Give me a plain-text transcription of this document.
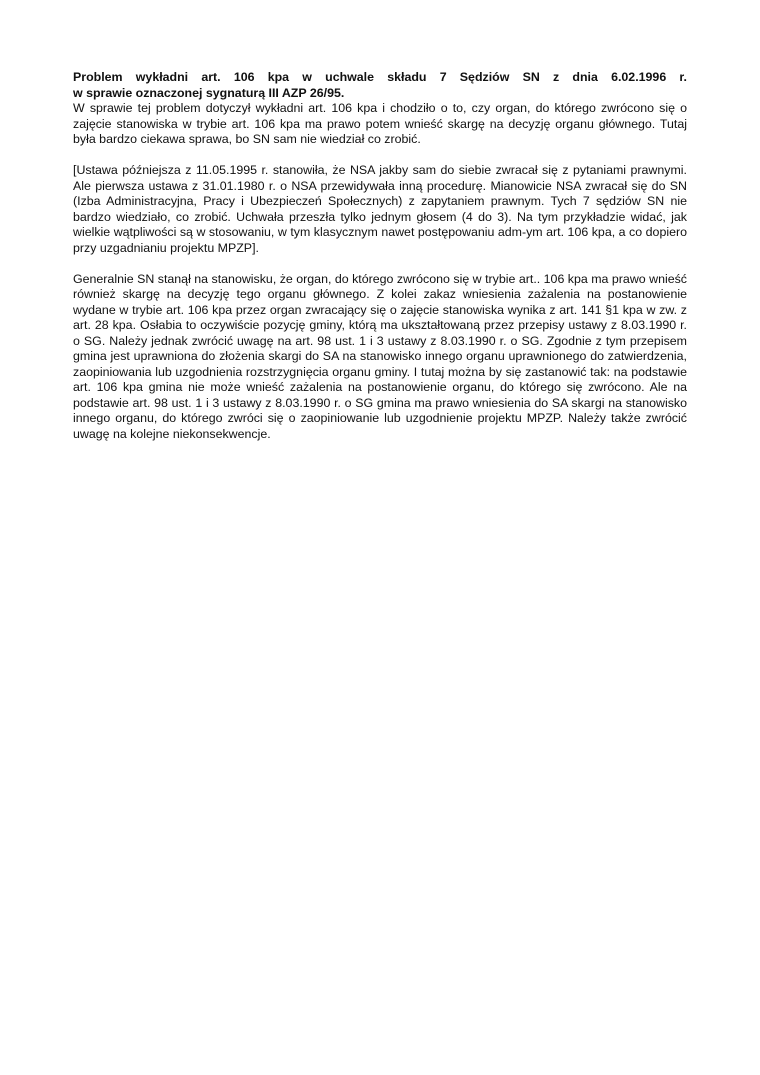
Problem wykładni art. 106 kpa w uchwale składu 7 Sędziów SN z dnia 6.02.1996 r.
w sprawie oznaczonej sygnaturą III AZP 26/95.

W sprawie tej problem dotyczył wykładni art. 106 kpa i chodziło o to, czy organ, do którego zwrócono się o zajęcie stanowiska w trybie art. 106 kpa ma prawo potem wnieść skargę na decyzję organu głównego. Tutaj była bardzo ciekawa sprawa, bo SN sam nie wiedział co zrobić.

[Ustawa późniejsza z 11.05.1995 r. stanowiła, że NSA jakby sam do siebie zwracał się z pytaniami prawnymi. Ale pierwsza ustawa z 31.01.1980 r. o NSA przewidywała inną procedurę. Mianowicie NSA zwracał się do SN (Izba Administracyjna, Pracy i Ubezpieczeń Społecznych) z zapytaniem prawnym. Tych 7 sędziów SN nie bardzo wiedziało, co zrobić. Uchwała przeszła tylko jednym głosem (4 do 3). Na tym przykładzie widać, jak wielkie wątpliwości są w stosowaniu, w tym klasycznym nawet postępowaniu adm-ym art. 106 kpa, a co dopiero przy uzgadnianiu projektu MPZP].

Generalnie SN stanął na stanowisku, że organ, do którego zwrócono się w trybie art.. 106 kpa ma prawo wnieść również skargę na decyzję tego organu głównego. Z kolei zakaz wniesienia zażalenia na postanowienie wydane w trybie art. 106 kpa przez organ zwracający się o zajęcie stanowiska wynika z art. 141 §1 kpa w zw. z art. 28 kpa. Osłabia to oczywiście pozycję gminy, którą ma ukształtowaną przez przepisy ustawy z 8.03.1990 r. o SG. Należy jednak zwrócić uwagę na art. 98 ust. 1 i 3 ustawy z 8.03.1990 r. o SG. Zgodnie z tym przepisem gmina jest uprawniona do złożenia skargi do SA na stanowisko innego organu uprawnionego do zatwierdzenia, zaopiniowania lub uzgodnienia rozstrzygnięcia organu gminy. I tutaj można by się zastanowić tak: na podstawie art. 106 kpa gmina nie może wnieść zażalenia na postanowienie organu, do którego się zwrócono. Ale na podstawie art. 98 ust. 1 i 3 ustawy z 8.03.1990 r. o SG gmina ma prawo wniesienia do SA skargi na stanowisko innego organu, do którego zwróci się o zaopiniowanie lub uzgodnienie projektu MPZP. Należy także zwrócić uwagę na kolejne niekonsekwencje.
